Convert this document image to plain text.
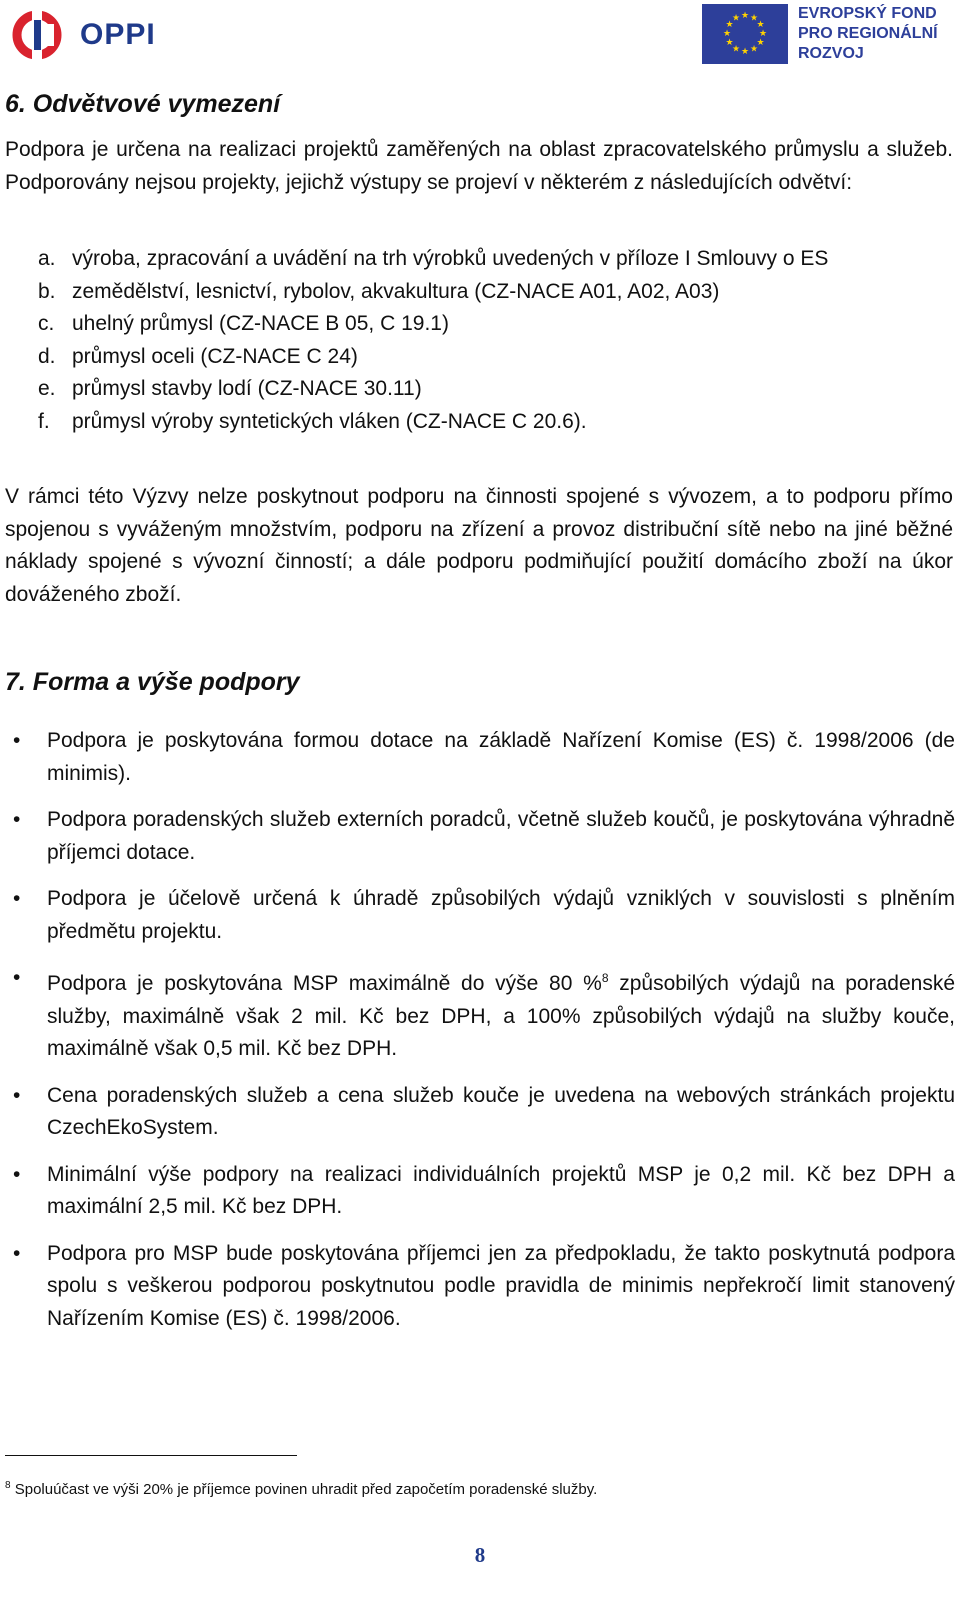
OPPI
★ ★
★
★
★
★
★
★
★
★
★
★	EVROPSKÝ FOND
PRO REGIONÁLNÍ
ROZVOJ
6. Odvětvové vymezení

Podpora je určena na realizaci projektů zaměřených na oblast zpracovatelského průmyslu a služeb. Podporovány nejsou projekty, jejichž výstupy se projeví v některém z následujících odvětví:

a. výroba, zpracování a uvádění na trh výrobků uvedených v příloze I Smlouvy o ES
b. zemědělství, lesnictví, rybolov, akvakultura (CZ-NACE A01, A02, A03)
c. uhelný průmysl (CZ-NACE B 05, C 19.1)
d. průmysl oceli (CZ-NACE C 24)
e. průmysl stavby lodí (CZ-NACE 30.11)
f.	průmysl výroby syntetických vláken (CZ-NACE C 20.6).

V rámci této Výzvy nelze poskytnout podporu na činnosti spojené s vývozem, a to podporu přímo spojenou s vyváženým množstvím, podporu na zřízení a provoz distribuční sítě nebo na jiné běžné náklady spojené s vývozní činností; a dále podporu podmiňující použití domácího zboží na úkor dováženého zboží.

7. Forma a výše podpory
•	Podpora je poskytována formou dotace na základě Nařízení Komise (ES) č. 1998/2006 (de minimis).
•	Podpora poradenských služeb externích poradců, včetně služeb koučů, je poskytována výhradně příjemci dotace.
•	Podpora je účelově určená k úhradě způsobilých výdajů vzniklých v souvislosti s plněním předmětu projektu.
•	Podpora je poskytována MSP maximálně do výše 80 %$^8$ způsobilých výdajů na poradenské služby, maximálně však 2 mil. Kč bez DPH, a 100% způsobilých výdajů na služby kouče, maximálně však 0,5 mil. Kč bez DPH.
•	Cena poradenských služeb a cena služeb kouče je uvedena na webových stránkách projektu CzechEkoSystem.
•	Minimální výše podpory na realizaci individuálních projektů MSP je 0,2 mil. Kč bez DPH a maximální 2,5 mil. Kč bez DPH.
•	Podpora pro MSP bude poskytována příjemci jen za předpokladu, že takto poskytnutá podpora spolu s veškerou podporou poskytnutou podle pravidla de minimis nepřekročí limit stanovený Nařízením Komise (ES) č. 1998/2006.
$^8$ Spoluúčast ve výši 20% je příjemce povinen uhradit před započetím poradenské služby.
8
